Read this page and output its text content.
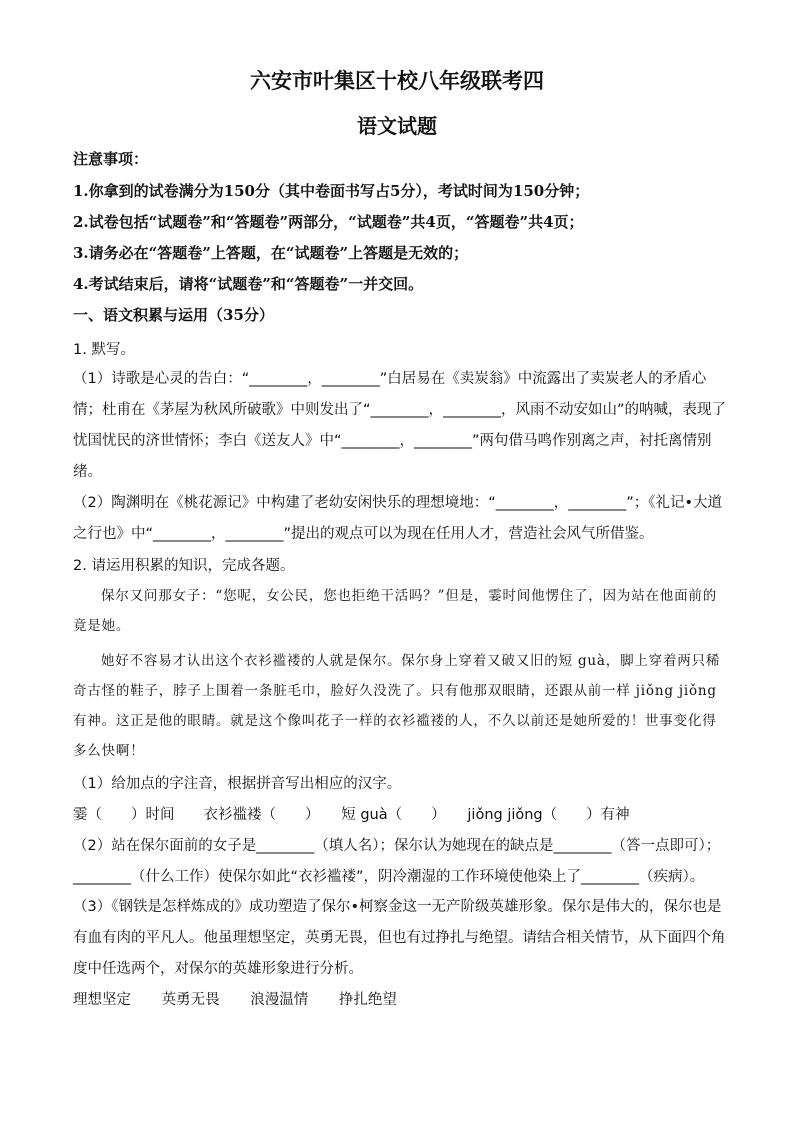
六安市叶集区十校八年级联考四
语文试题
注意事项：
1.你拿到的试卷满分为150分（其中卷面书写占5分），考试时间为150分钟；
2.试卷包括“试题卷”和“答题卷”两部分，“试题卷”共4页，“答题卷”共4页；
3.请务必在“答题卷”上答题，在“试题卷”上答题是无效的；
4.考试结束后，请将“试题卷”和“答题卷”一并交回。
一、语文积累与运用（35分）
1. 默写。
（1）诗歌是心灵的告白：“________，________”白居易在《卖炭翁》中流露出了卖炭老人的矛盾心情；杜甫在《茅屋为秋风所破歌》中则发出了“________，________，风雨不动安如山”的呐喊，表现了忧国忧民的济世情怀；李白《送友人》中“________，________”两句借马鸣作别离之声，衬托离情别绪。
（2）陶渊明在《桃花源记》中构建了老幼安闲快乐的理想境地：“________，________”；《礼记•大道之行也》中“________，________”提出的观点可以为现在任用人才，营造社会风气所借鉴。
2. 请运用积累的知识，完成各题。
保尔又问那女子：“您呢，女公民，您也拒绝干活吗？”但是，霎时间他愣住了，因为站在他面前的竟是她。
她好不容易才认出这个衣衫褴褛的人就是保尔。保尔身上穿着又破又旧的短 guà，脚上穿着两只稀奇古怪的鞋子，脖子上围着一条脏毛巾，脸好久没洗了。只有他那双眼睛，还跟从前一样 jiǒng jiǒng 有神。这正是他的眼睛。就是这个像叫花子一样的衣衫褴褛的人，不久以前还是她所爱的！世事变化得多么快啊！
（1）给加点的字注音，根据拼音写出相应的汉字。
霎（　　）时间　　衣衫褴褛（　　）　　短 guà（　　）　　jiǒng jiǒng（　　）有神
（2）站在保尔面前的女子是________（填人名）；保尔认为她现在的缺点是________（答一点即可）；
________（什么工作）使保尔如此“衣衫褴褛”，阴冷潮湿的工作环境使他染上了________（疾病）。
（3）《钢铁是怎样炼成的》成功塑造了保尔•柯察金这一无产阶级英雄形象。保尔是伟大的，保尔也是有血有肉的平凡人。他虽理想坚定，英勇无畏，但也有过挣扎与绝望。请结合相关情节，从下面四个角度中任选两个，对保尔的英雄形象进行分析。
理想坚定 英勇无畏 浪漫温情 挣扎绝望
